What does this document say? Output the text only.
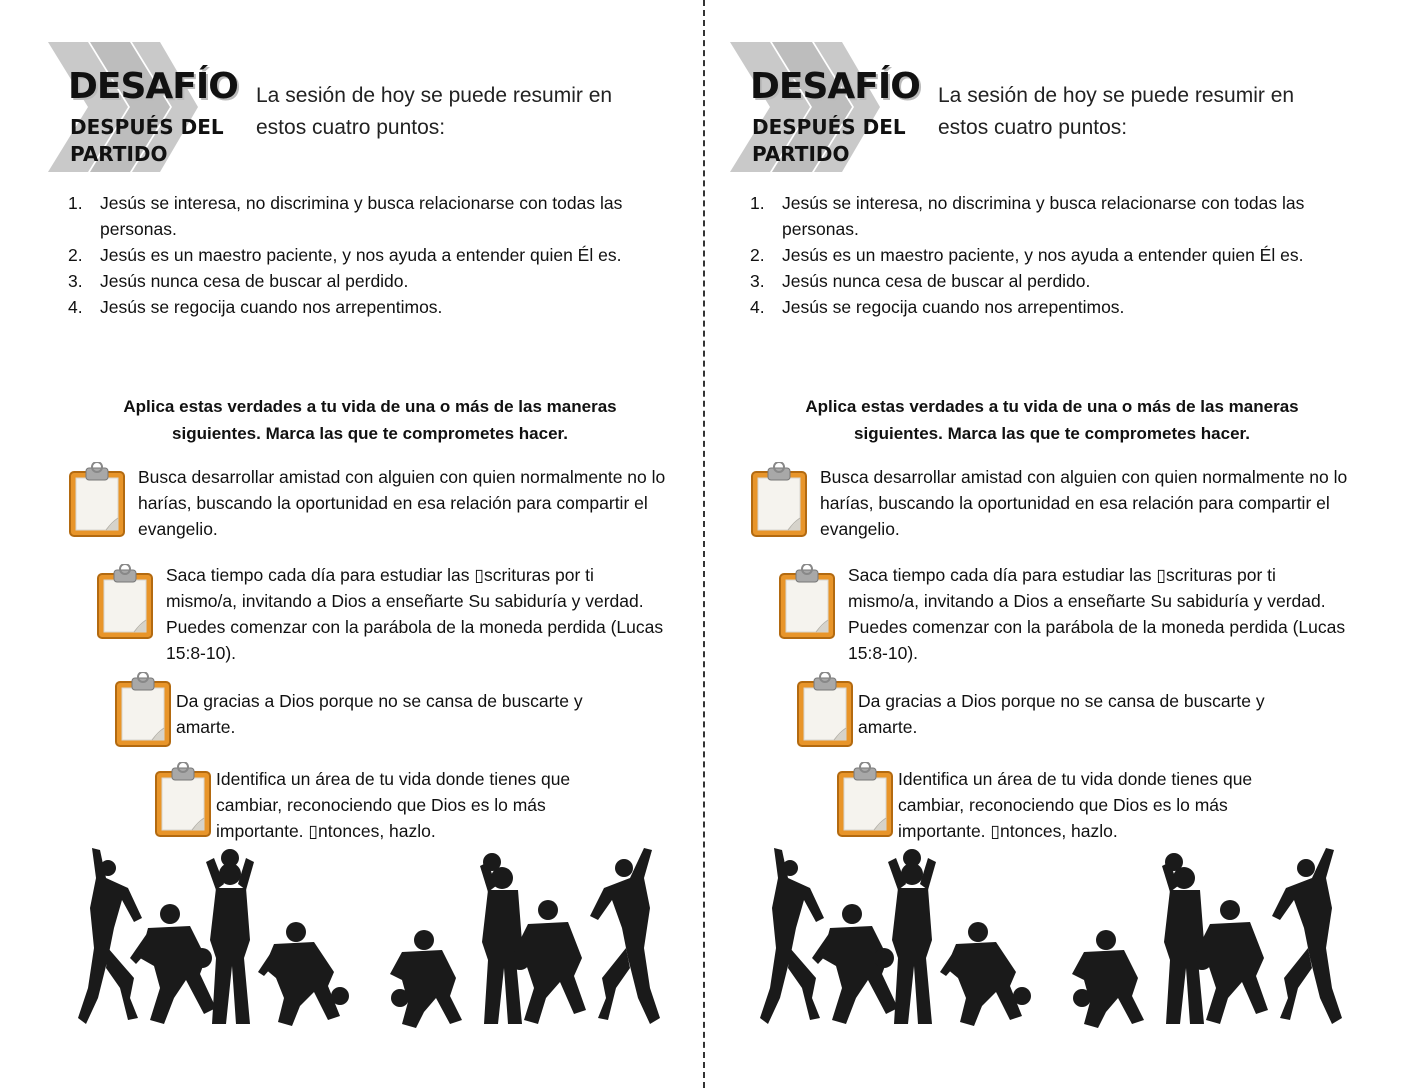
DESAFÍO
DESPUÉS DEL PARTIDO

La sesión de hoy se puede resumir en estos cuatro puntos:

1. Jesús se interesa, no discrimina y busca relacionarse con todas las personas.
2. Jesús es un maestro paciente, y nos ayuda a entender quien Él es.
3. Jesús nunca cesa de buscar al perdido.
4. Jesús se regocija cuando nos arrepentimos.

Aplica estas verdades a tu vida de una o más de las maneras siguientes. Marca las que te comprometes hacer.

Busca desarrollar amistad con alguien con quien normalmente no lo harías, buscando la oportunidad en esa relación para compartir el evangelio.

Saca tiempo cada día para estudiar las ▯scrituras por ti mismo/a, invitando a Dios a enseñarte Su sabiduría y verdad. Puedes comenzar con la parábola de la moneda perdida (Lucas 15:8-10).

Da gracias a Dios porque no se cansa de buscarte y amarte.

Identifica un área de tu vida donde tienes que cambiar, reconociendo que Dios es lo más importante. ▯ntonces, hazlo.

DESAFÍO
DESPUÉS DEL PARTIDO

La sesión de hoy se puede resumir en estos cuatro puntos:

1. Jesús se interesa, no discrimina y busca relacionarse con todas las personas.
2. Jesús es un maestro paciente, y nos ayuda a entender quien Él es.
3. Jesús nunca cesa de buscar al perdido.
4. Jesús se regocija cuando nos arrepentimos.

Aplica estas verdades a tu vida de una o más de las maneras siguientes. Marca las que te comprometes hacer.

Busca desarrollar amistad con alguien con quien normalmente no lo harías, buscando la oportunidad en esa relación para compartir el evangelio.

Saca tiempo cada día para estudiar las ▯scrituras por ti mismo/a, invitando a Dios a enseñarte Su sabiduría y verdad. Puedes comenzar con la parábola de la moneda perdida (Lucas 15:8-10).

Da gracias a Dios porque no se cansa de buscarte y amarte.

Identifica un área de tu vida donde tienes que cambiar, reconociendo que Dios es lo más importante. ▯ntonces, hazlo.
